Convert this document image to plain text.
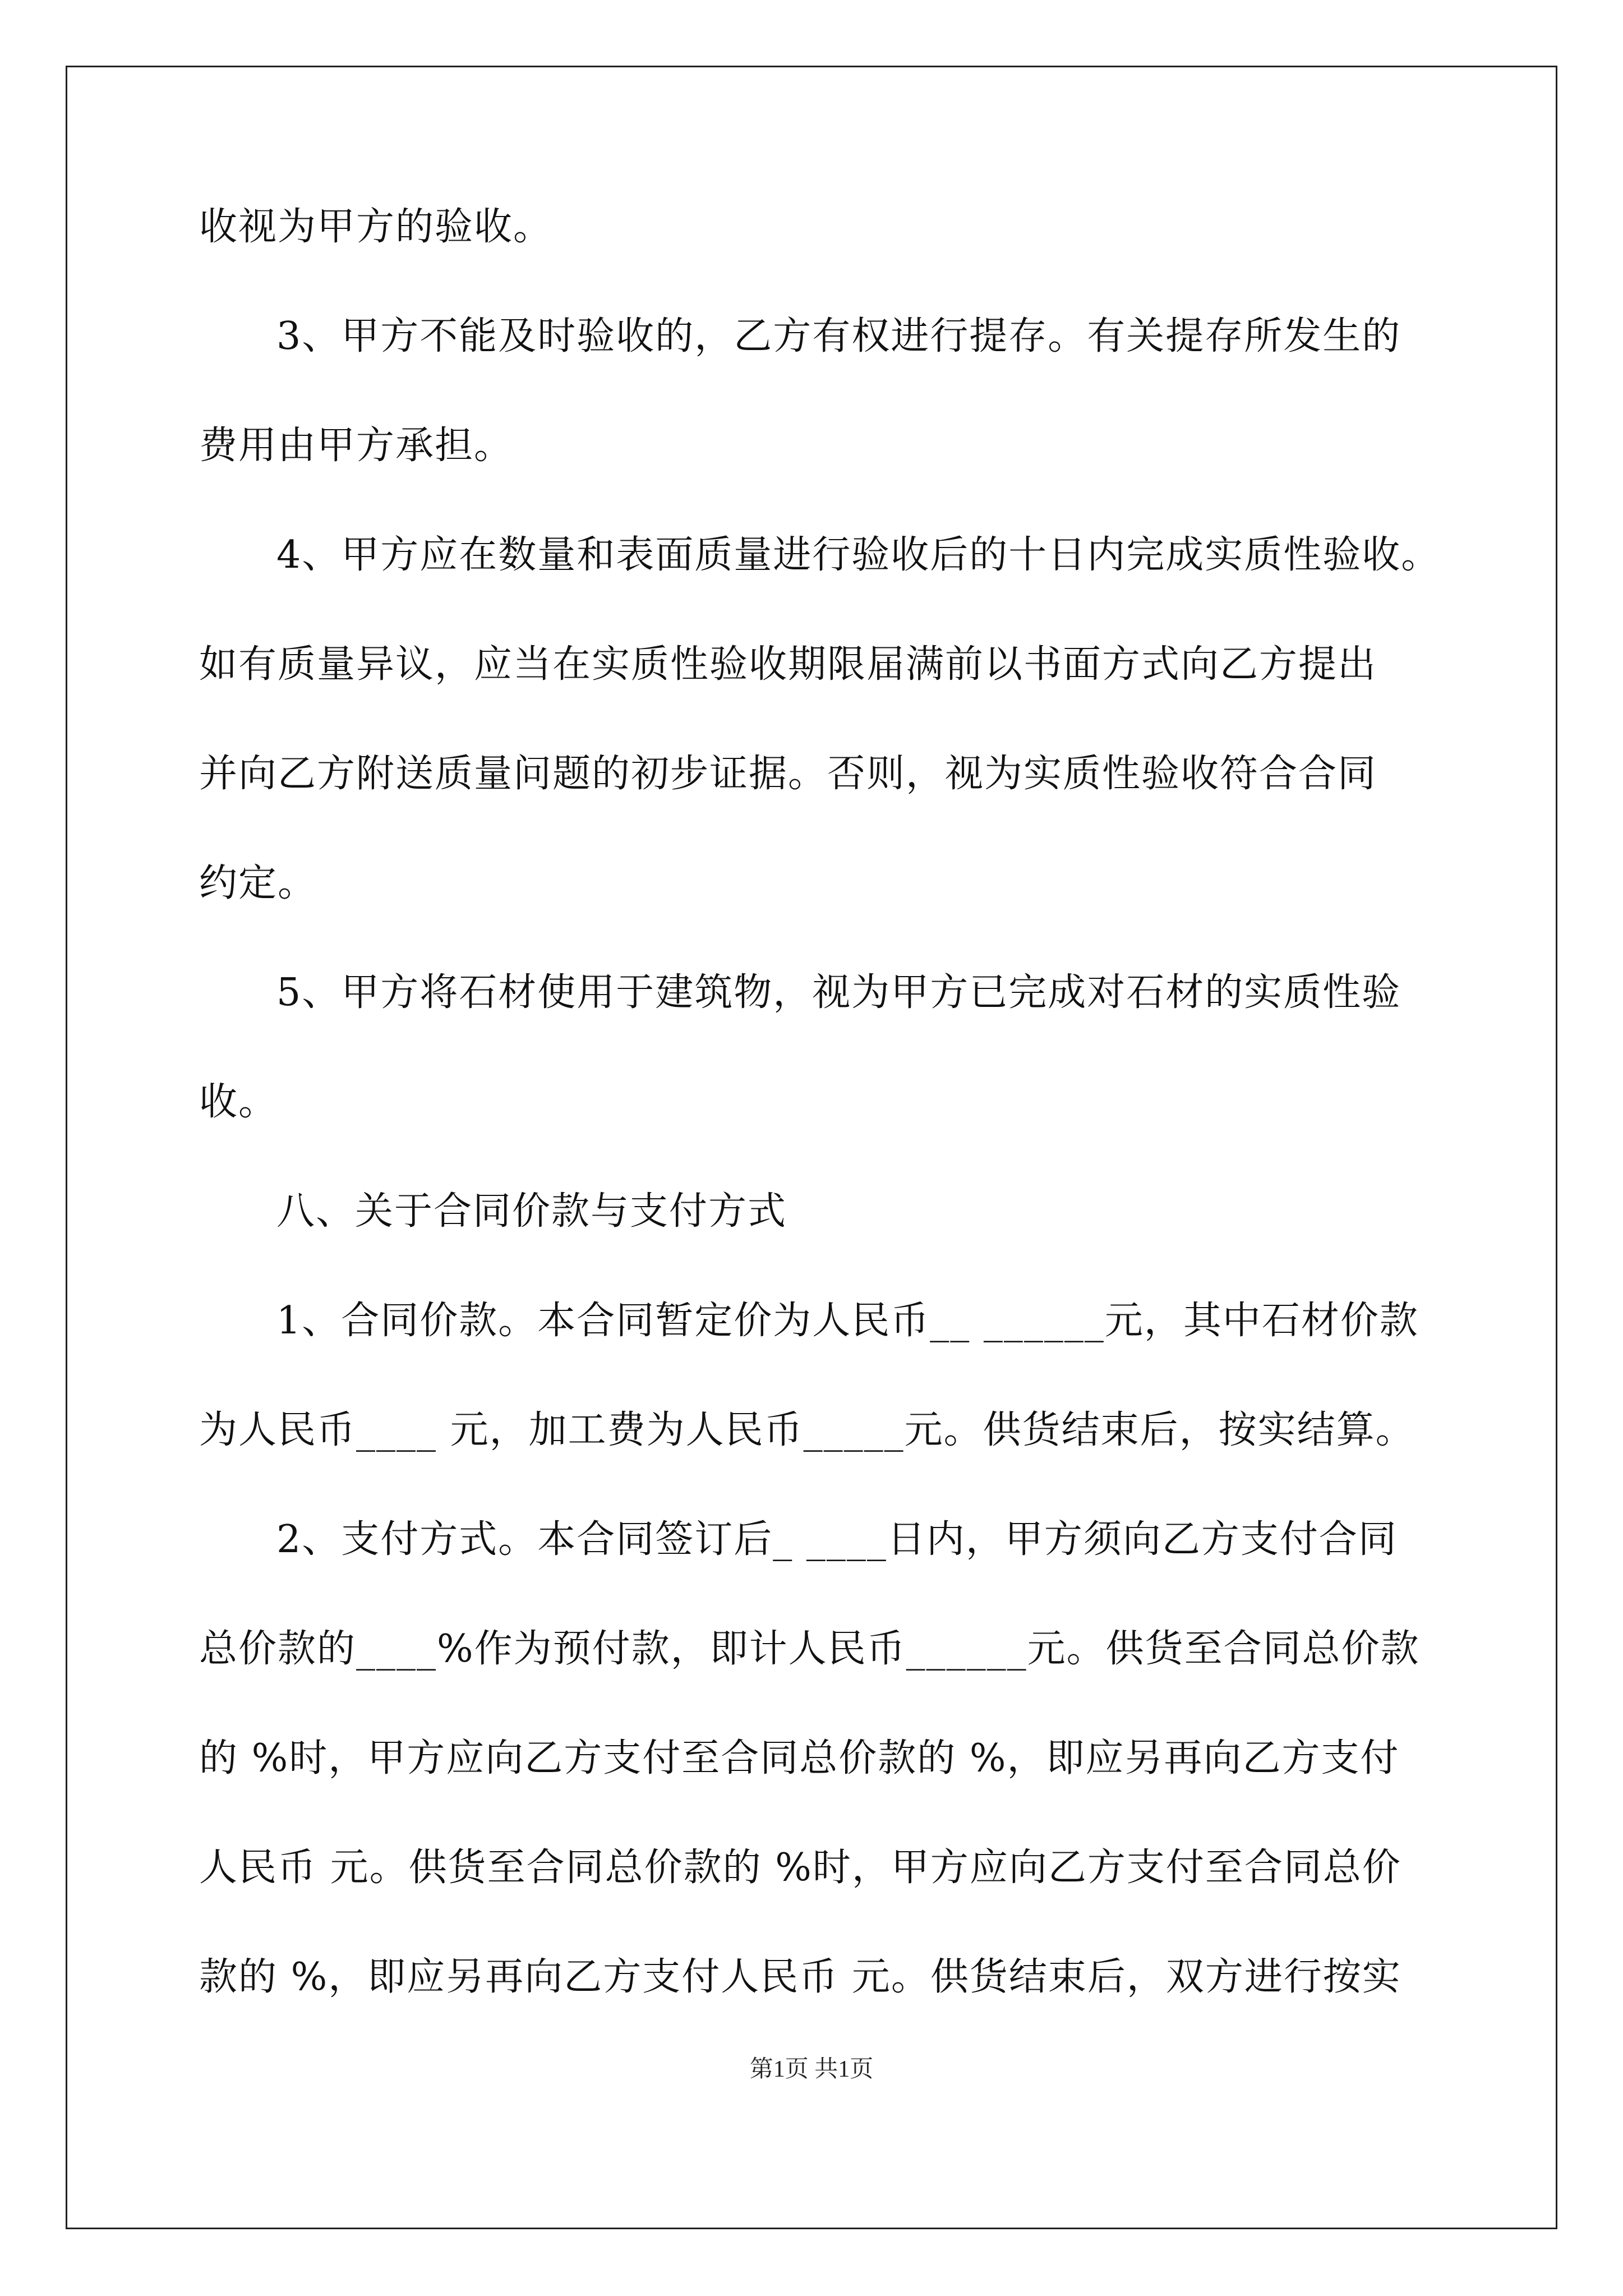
收视为甲方的验收。
3、甲方不能及时验收的，乙方有权进行提存。有关提存所发生的
费用由甲方承担。
4、甲方应在数量和表面质量进行验收后的十日内完成实质性验收。
如有质量异议，应当在实质性验收期限届满前以书面方式向乙方提出
并向乙方附送质量问题的初步证据。否则，视为实质性验收符合合同
约定。
5、甲方将石材使用于建筑物，视为甲方已完成对石材的实质性验
收。
八、关于合同价款与支付方式
1、合同价款。本合同暂定价为人民币__ ______元，其中石材价款
为人民币____ 元，加工费为人民币_____元。供货结束后，按实结算。
2、支付方式。本合同签订后_ ____日内，甲方须向乙方支付合同
总价款的____%作为预付款，即计人民币______元。供货至合同总价款
的 %时，甲方应向乙方支付至合同总价款的 %，即应另再向乙方支付
人民币 元。供货至合同总价款的 %时，甲方应向乙方支付至合同总价
款的 %，即应另再向乙方支付人民币 元。供货结束后，双方进行按实
第1页 共1页
